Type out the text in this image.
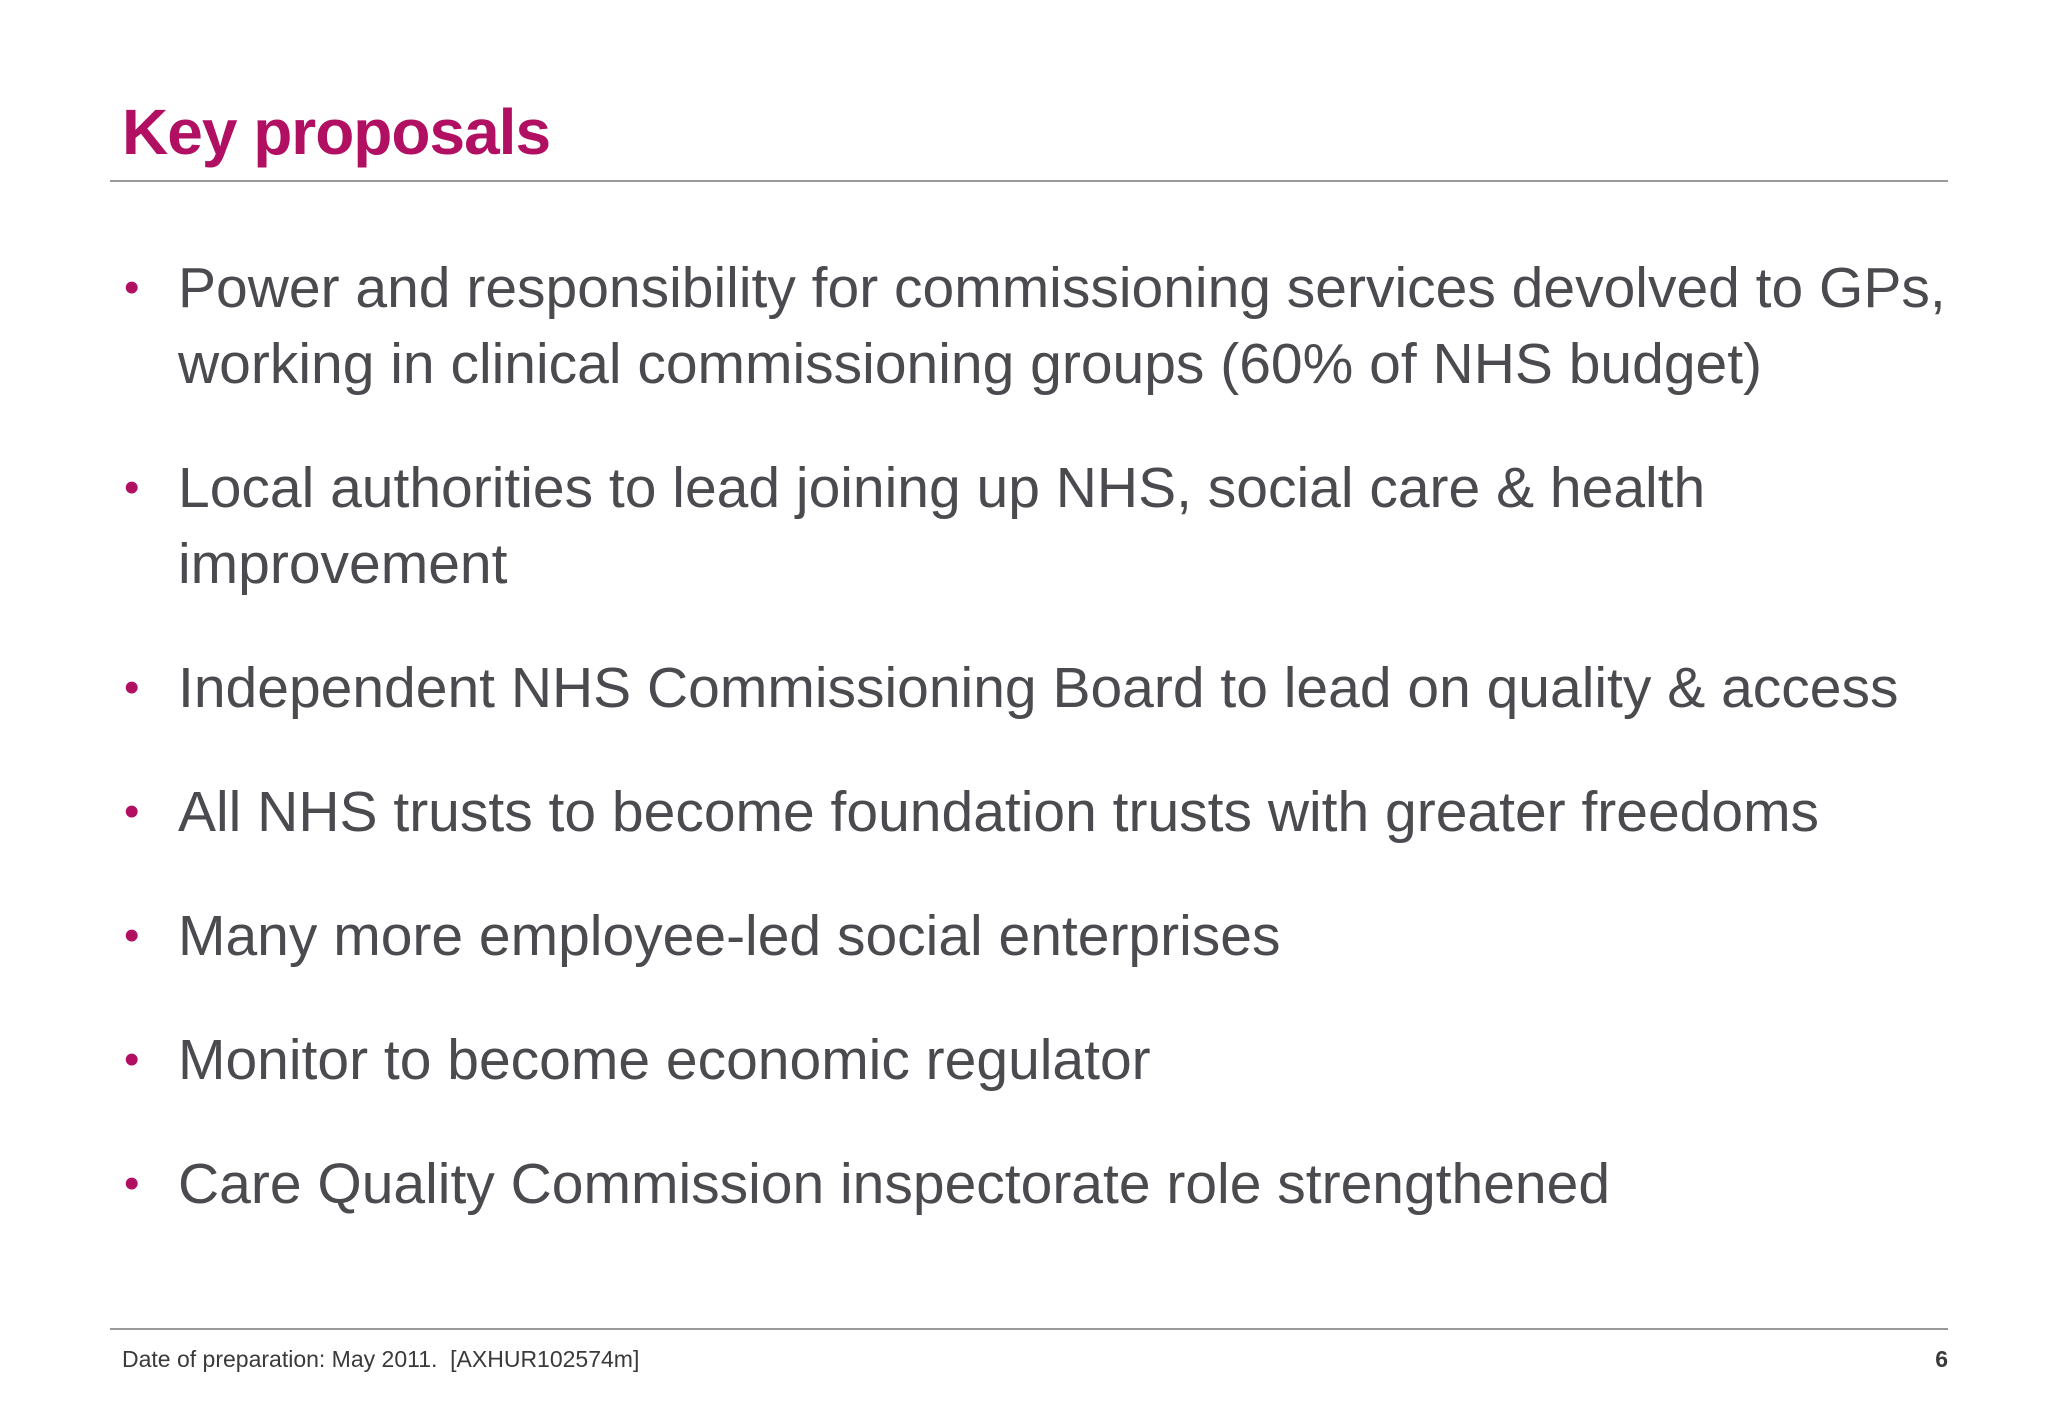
Key proposals
• Power and responsibility for commissioning services devolved to GPs, working in clinical commissioning groups (60% of NHS budget)
• Local authorities to lead joining up NHS, social care & health improvement
• Independent NHS Commissioning Board to lead on quality & access
• All NHS trusts to become foundation trusts with greater freedoms
• Many more employee-led social enterprises
• Monitor to become economic regulator
• Care Quality Commission inspectorate role strengthened
Date of preparation: May 2011.  [AXHUR102574m]	6
